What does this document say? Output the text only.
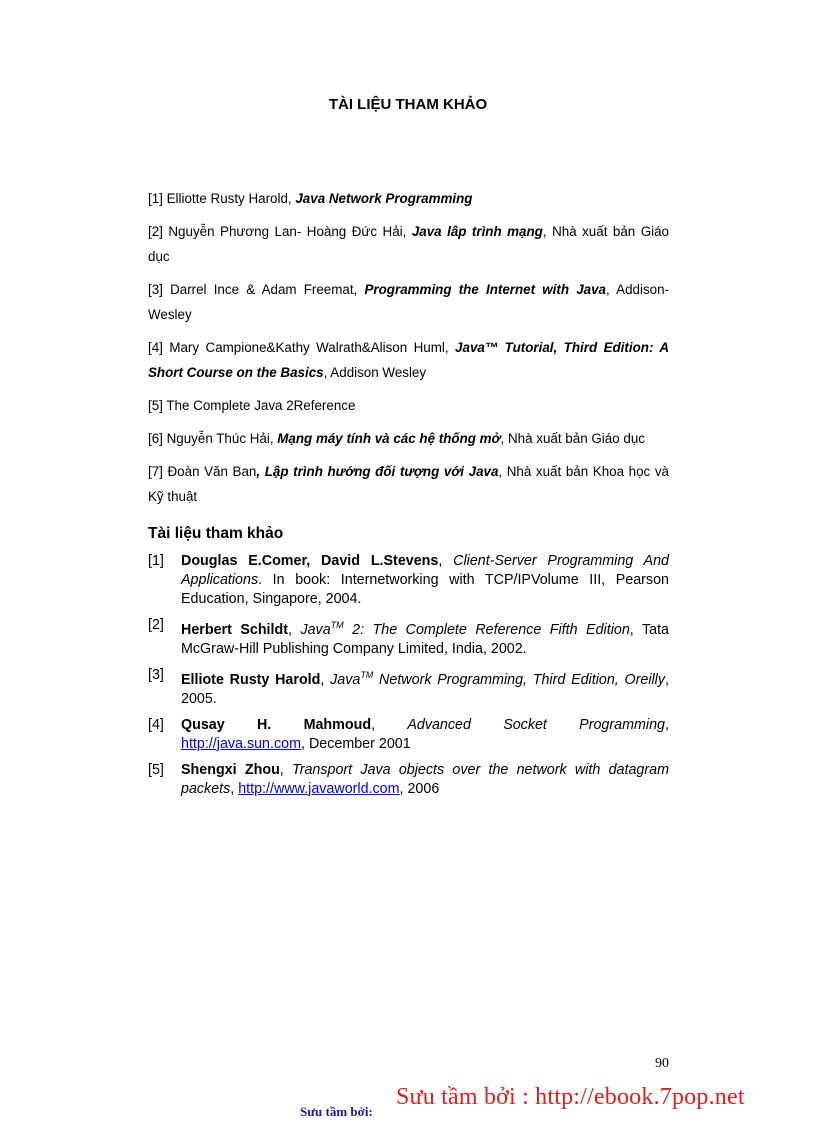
TÀI LIỆU THAM KHẢO

[1] Elliotte Rusty Harold, Java Network Programming

[2] Nguyễn Phương Lan- Hoàng Đức Hải, Java lâp trình mạng, Nhà xuất bản Giáo dục

[3] Darrel Ince & Adam Freemat, Programming the Internet with Java, Addison-Wesley

[4] Mary Campione&Kathy Walrath&Alison Huml, Java™ Tutorial, Third Edition: A Short Course on the Basics, Addison Wesley

[5] The Complete Java 2Reference

[6] Nguyễn Thúc Hải, Mạng máy tính và các hệ thống mở, Nhà xuất bản Giáo dục

[7] Đoàn Văn Ban, Lập trình hướng đối tượng với Java, Nhà xuất bản Khoa học và Kỹ thuật

Tài liệu tham khảo
[1] Douglas E.Comer, David L.Stevens, Client-Server Programming And Applications. In book: Internetworking with TCP/IPVolume III, Pearson Education, Singapore, 2004.
[2] Herbert Schildt, Java™ 2: The Complete Reference Fifth Edition, Tata McGraw-Hill Publishing Company Limited, India, 2002.
[3] Elliote Rusty Harold, Java™ Network Programming, Third Edition, Oreilly, 2005.
[4] Qusay H. Mahmoud, Advanced Socket Programming,
http://java.sun.com, December 2001
[5] Shengxi Zhou, Transport Java objects over the network with datagram packets, http://www.javaworld.com, 2006
90
Sưu tầm bởi:
Sưu tầm bởi : http://ebook.7pop.net
